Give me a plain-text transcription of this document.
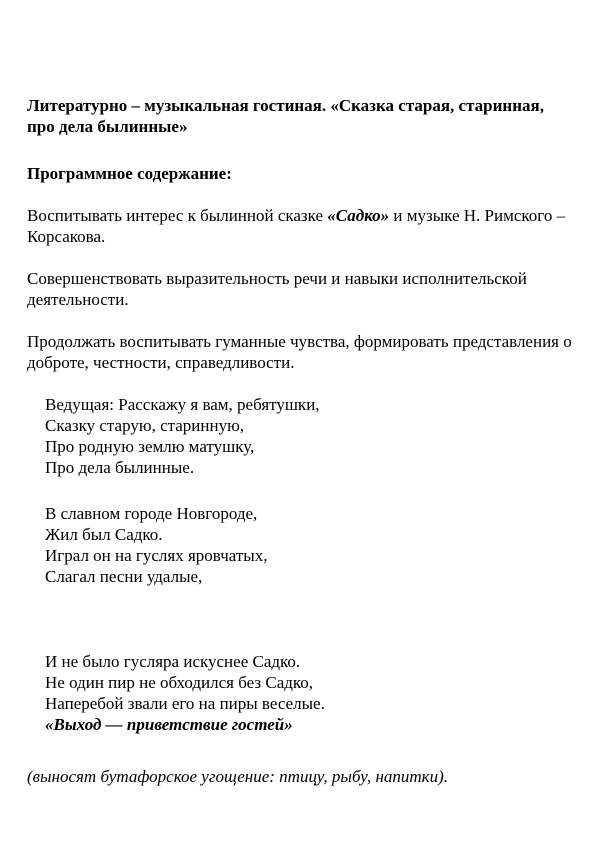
Литературно – музыкальная гостиная. «Сказка старая, старинная, про дела былинные»

Программное содержание:

Воспитывать интерес к былинной сказке «Садко» и музыке Н. Римского – Корсакова.

Совершенствовать выразительность речи и навыки исполнительской деятельности.

Продолжать воспитывать гуманные чувства, формировать представления о доброте, честности, справедливости.

Ведущая: Расскажу я вам, ребятушки,
Сказку старую, старинную,
Про родную землю матушку,
Про дела былинные.
В славном городе Новгороде,
Жил был Садко.
Играл он на гуслях яровчатых,
Слагал песни удалые,
И не было гусляра искуснее Садко.
Не один пир не обходился без Садко,
Наперебой звали его на пиры веселые.
«Выход — приветствие гостей»

(выносят бутафорское угощение: птицу, рыбу, напитки).
